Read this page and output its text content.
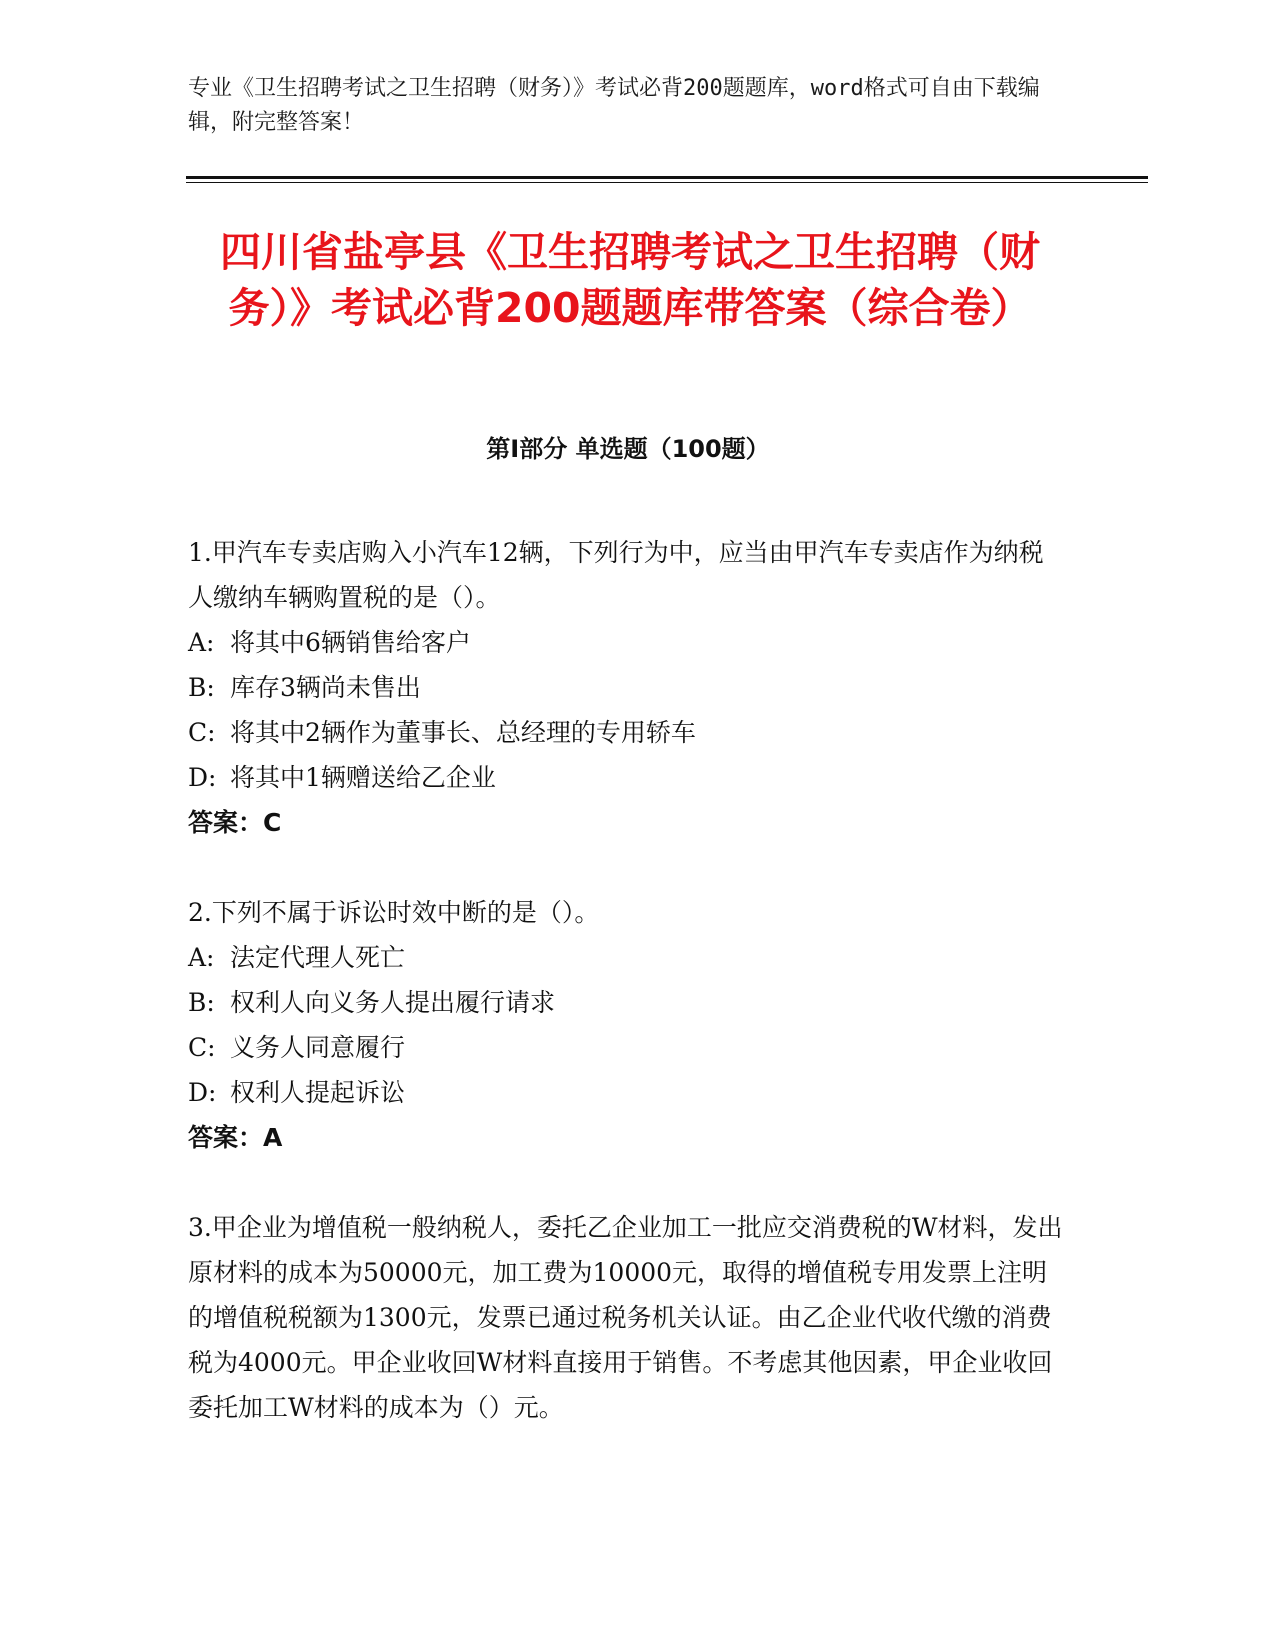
专业《卫生招聘考试之卫生招聘（财务）》考试必背200题题库，word格式可自由下载编辑，附完整答案！
四川省盐亭县《卫生招聘考试之卫生招聘（财务）》考试必背200题题库带答案（综合卷）
第Ⅰ部分 单选题（100题）

1.甲汽车专卖店购入小汽车12辆，下列行为中，应当由甲汽车专卖店作为纳税人缴纳车辆购置税的是（）。

A: 将其中6辆销售给客户

B: 库存3辆尚未售出

C: 将其中2辆作为董事长、总经理的专用轿车

D: 将其中1辆赠送给乙企业

答案：C

2.下列不属于诉讼时效中断的是（）。

A: 法定代理人死亡

B: 权利人向义务人提出履行请求

C: 义务人同意履行

D: 权利人提起诉讼

答案：A

3.甲企业为增值税一般纳税人，委托乙企业加工一批应交消费税的W材料，发出原材料的成本为50000元，加工费为10000元，取得的增值税专用发票上注明的增值税税额为1300元，发票已通过税务机关认证。由乙企业代收代缴的消费税为4000元。甲企业收回W材料直接用于销售。不考虑其他因素，甲企业收回委托加工W材料的成本为（）元。
